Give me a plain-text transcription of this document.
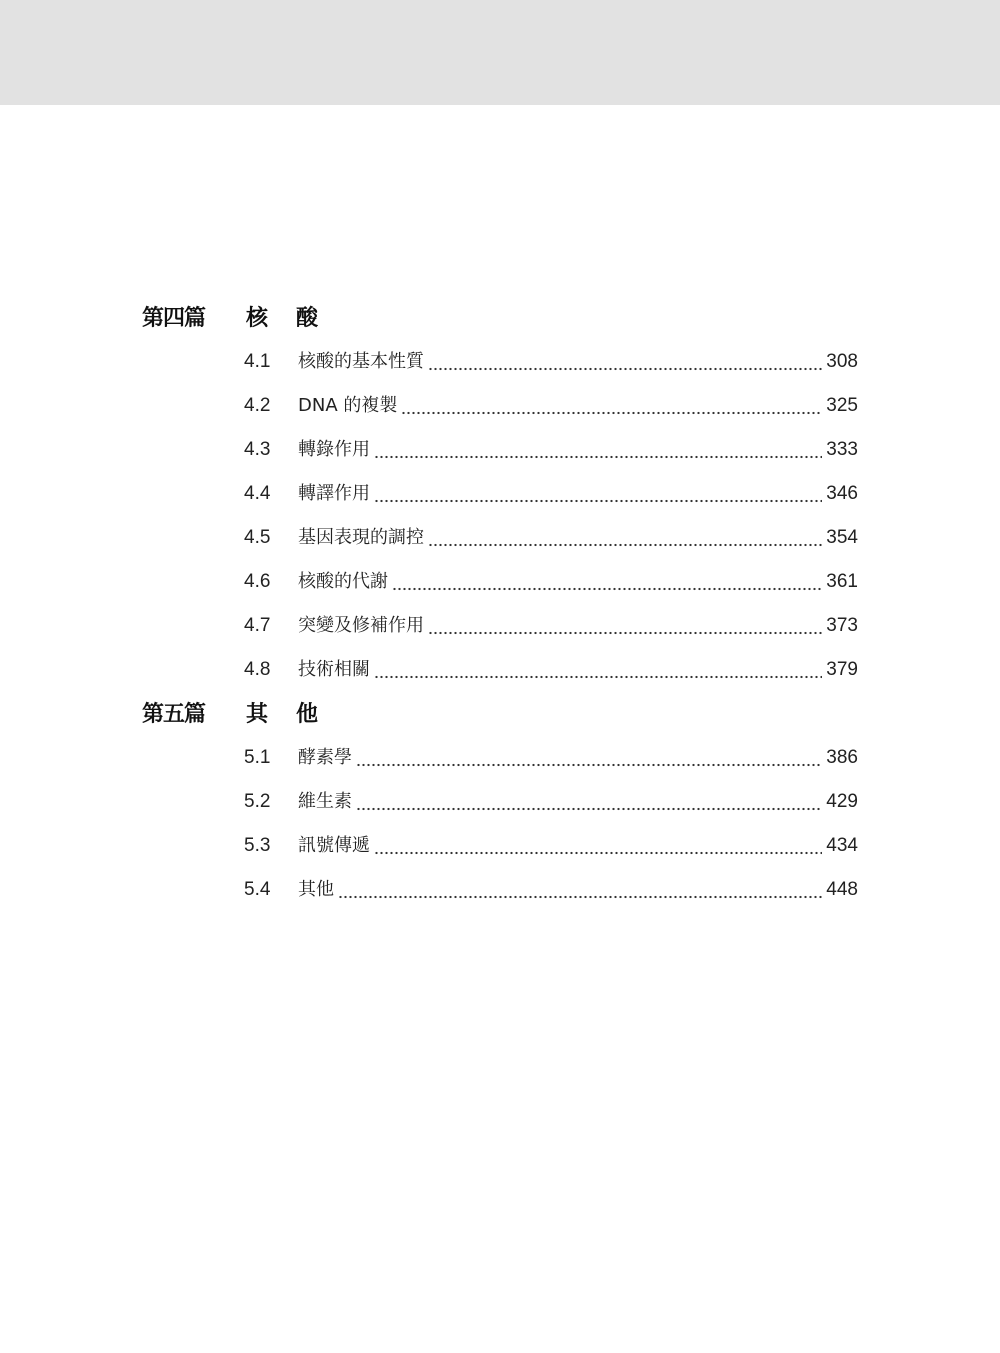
第四篇 核酸
4.1 核酸的基本性質	308
4.2 DNA 的複製	325
4.3 轉錄作用	333
4.4 轉譯作用	346
4.5 基因表現的調控	354
4.6 核酸的代謝	361
4.7 突變及修補作用	373
4.8 技術相關	379
第五篇 其他
5.1 酵素學	386
5.2 維生素	429
5.3 訊號傳遞	434
5.4 其他	448
